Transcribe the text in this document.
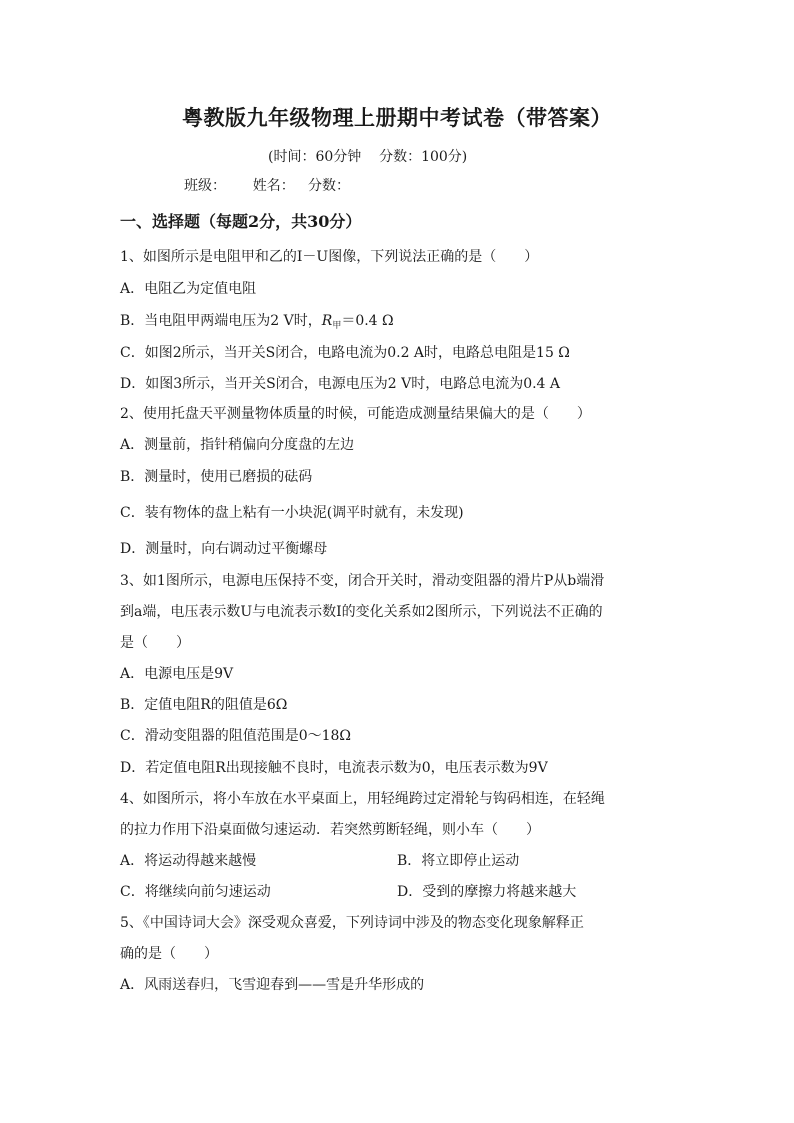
粤教版九年级物理上册期中考试卷（带答案）
(时间：60分钟    分数：100分)
班级：      姓名：   分数：
一、选择题（每题2分，共30分）
1、如图所示是电阻甲和乙的I－U图像，下列说法正确的是（　　）
A．电阻乙为定值电阻
B．当电阻甲两端电压为2 V时，$R_甲=0.4$ Ω
C．如图2所示，当开关S闭合，电路电流为0.2 A时，电路总电阻是15 Ω
D．如图3所示，当开关S闭合，电源电压为2 V时，电路总电流为0.4 A
2、使用托盘天平测量物体质量的时候，可能造成测量结果偏大的是（　　）
A．测量前，指针稍偏向分度盘的左边
B．测量时，使用已磨损的砝码
C．装有物体的盘上粘有一小块泥(调平时就有，未发现)
D．测量时，向右调动过平衡螺母
3、如1图所示，电源电压保持不变，闭合开关时，滑动变阻器的滑片P从b端滑
到a端，电压表示数U与电流表示数I的变化关系如2图所示，下列说法不正确的
是（　　）
A．电源电压是9V
B．定值电阻R的阻值是6Ω
C．滑动变阻器的阻值范围是0～18Ω
D．若定值电阻R出现接触不良时，电流表示数为0，电压表示数为9V
4、如图所示，将小车放在水平桌面上，用轻绳跨过定滑轮与钩码相连，在轻绳
的拉力作用下沿桌面做匀速运动．若突然剪断轻绳，则小车（　　）
A．将运动得越来越慢	B．将立即停止运动
C．将继续向前匀速运动	D．受到的摩擦力将越来越大
5、《中国诗词大会》深受观众喜爱，下列诗词中涉及的物态变化现象解释正
确的是（　　）
A．风雨送春归，飞雪迎春到——雪是升华形成的
